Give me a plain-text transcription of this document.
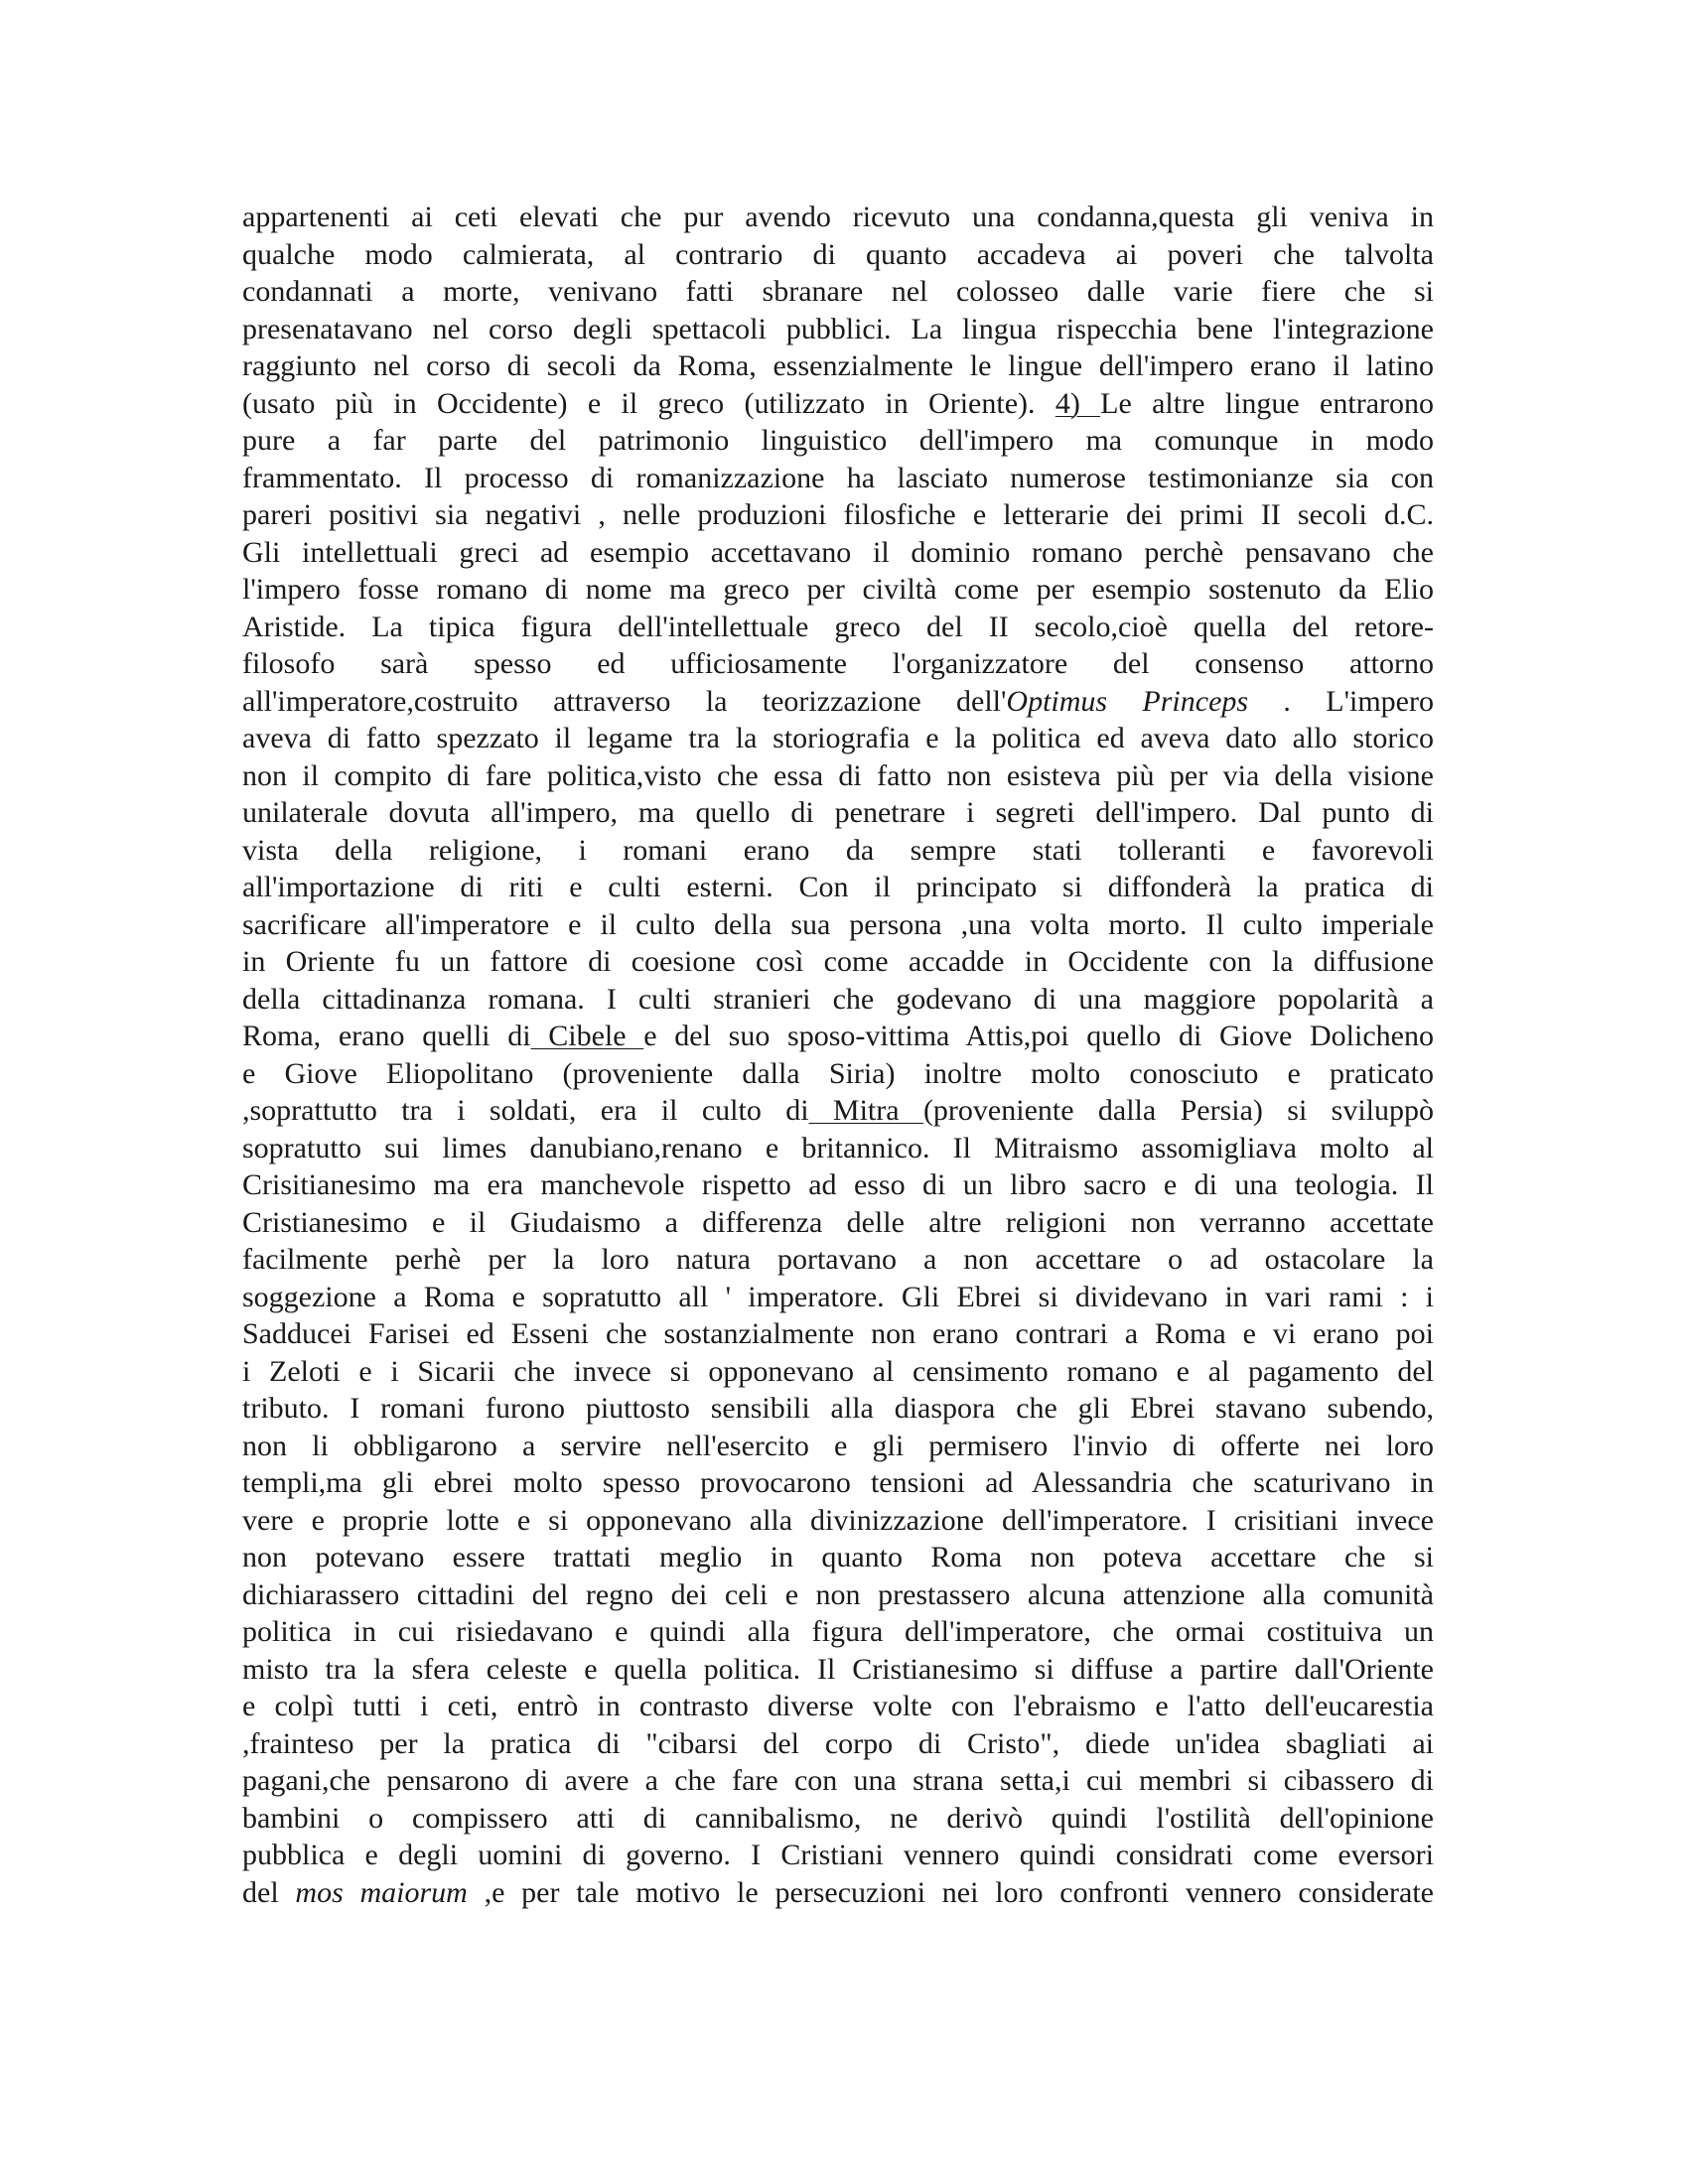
appartenenti ai ceti elevati che pur avendo ricevuto una condanna,questa gli veniva in
qualche modo calmierata, al contrario di quanto accadeva ai poveri che talvolta
condannati a morte, venivano fatti sbranare nel colosseo dalle varie fiere che si
presenatavano nel corso degli spettacoli pubblici. La lingua rispecchia bene l'integrazione
raggiunto nel corso di secoli da Roma, essenzialmente le lingue dell'impero erano il latino
(usato più in Occidente) e il greco (utilizzato in Oriente). 4) Le altre lingue entrarono
pure a far parte del patrimonio linguistico dell'impero ma comunque in modo
frammentato. Il processo di romanizzazione ha lasciato numerose testimonianze sia con
pareri positivi sia negativi , nelle produzioni filosfiche e letterarie dei primi II secoli d.C.
Gli intellettuali greci ad esempio accettavano il dominio romano perchè pensavano che
l'impero fosse romano di nome ma greco per civiltà come per esempio sostenuto da Elio
Aristide. La tipica figura dell'intellettuale greco del II secolo,cioè quella del retore-
filosofo sarà spesso ed ufficiosamente l'organizzatore del consenso attorno
all'imperatore,costruito attraverso la teorizzazione dell'Optimus Princeps . L'impero
aveva di fatto spezzato il legame tra la storiografia e la politica ed aveva dato allo storico
non il compito di fare politica,visto che essa di fatto non esisteva più per via della visione
unilaterale dovuta all'impero, ma quello di penetrare i segreti dell'impero. Dal punto di
vista della religione, i romani erano da sempre stati tolleranti e favorevoli
all'importazione di riti e culti esterni. Con il principato si diffonderà la pratica di
sacrificare all'imperatore e il culto della sua persona ,una volta morto. Il culto imperiale
in Oriente fu un fattore di coesione così come accadde in Occidente con la diffusione
della cittadinanza romana. I culti stranieri che godevano di una maggiore popolarità a
Roma, erano quelli di Cibele e del suo sposo-vittima Attis,poi quello di Giove Dolicheno
e Giove Eliopolitano (proveniente dalla Siria) inoltre molto conosciuto e praticato
,soprattutto tra i soldati, era il culto di Mitra (proveniente dalla Persia) si sviluppò
sopratutto sui limes danubiano,renano e britannico. Il Mitraismo assomigliava molto al
Crisitianesimo ma era manchevole rispetto ad esso di un libro sacro e di una teologia. Il
Cristianesimo e il Giudaismo a differenza delle altre religioni non verranno accettate
facilmente perhè per la loro natura portavano a non accettare o ad ostacolare la
soggezione a Roma e sopratutto all ' imperatore. Gli Ebrei si dividevano in vari rami : i
Sadducei Farisei ed Esseni che sostanzialmente non erano contrari a Roma e vi erano poi
i Zeloti e i Sicarii che invece si opponevano al censimento romano e al pagamento del
tributo. I romani furono piuttosto sensibili alla diaspora che gli Ebrei stavano subendo,
non li obbligarono a servire nell'esercito e gli permisero l'invio di offerte nei loro
templi,ma gli ebrei molto spesso provocarono tensioni ad Alessandria che scaturivano in
vere e proprie lotte e si opponevano alla divinizzazione dell'imperatore. I crisitiani invece
non potevano essere trattati meglio in quanto Roma non poteva accettare che si
dichiarassero cittadini del regno dei celi e non prestassero alcuna attenzione alla comunità
politica in cui risiedavano e quindi alla figura dell'imperatore, che ormai costituiva un
misto tra la sfera celeste e quella politica. Il Cristianesimo si diffuse a partire dall'Oriente
e colpì tutti i ceti, entrò in contrasto diverse volte con l'ebraismo e l'atto dell'eucarestia
,frainteso per la pratica di "cibarsi del corpo di Cristo", diede un'idea sbagliati ai
pagani,che pensarono di avere a che fare con una strana setta,i cui membri si cibassero di
bambini o compissero atti di cannibalismo, ne derivò quindi l'ostilità dell'opinione
pubblica e degli uomini di governo. I Cristiani vennero quindi considrati come eversori
del mos maiorum ,e per tale motivo le persecuzioni nei loro confronti vennero considerate
